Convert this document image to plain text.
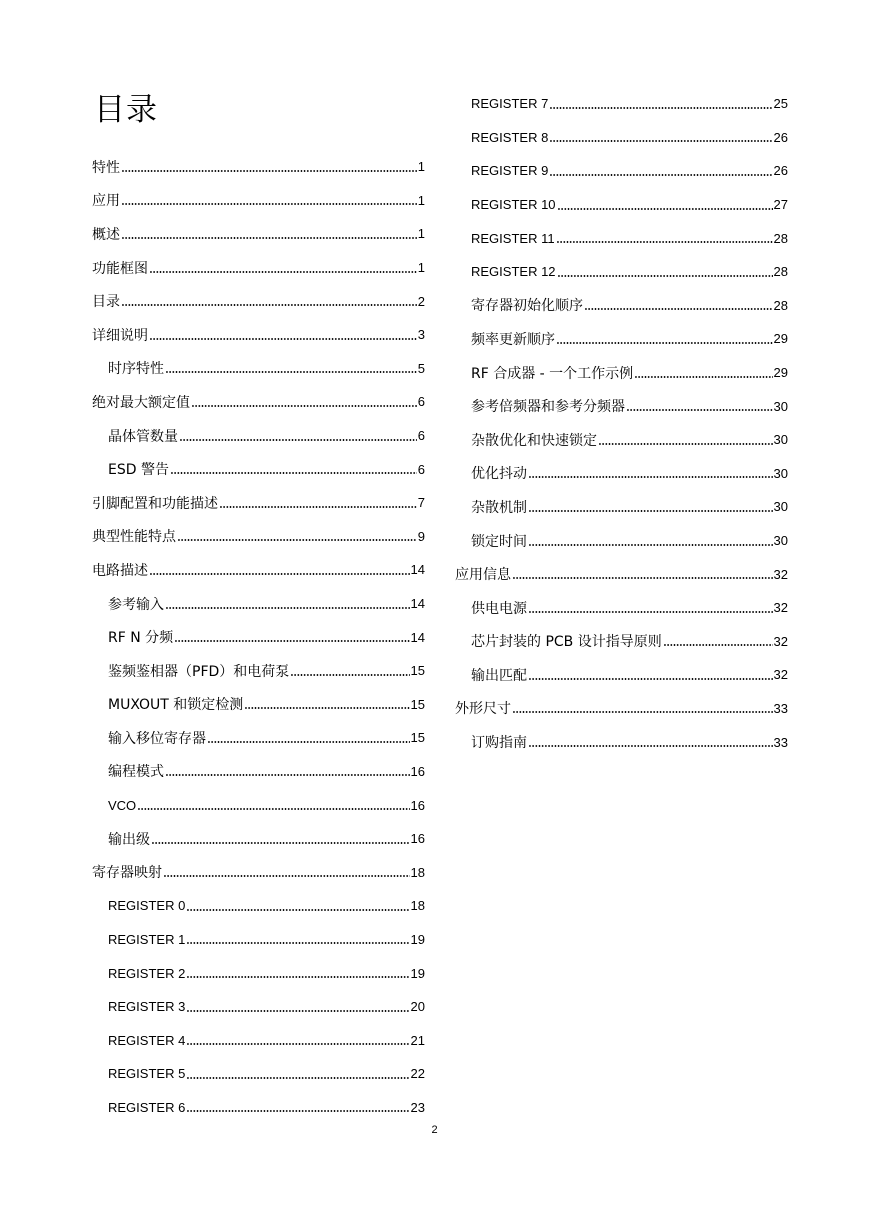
目录
特性	1
应用	1
概述	1
功能框图	1
目录	2
详细说明	3
时序特性	5
绝对最大额定值	6
晶体管数量	6
ESD 警告	6
引脚配置和功能描述	7
典型性能特点	9
电路描述	14
参考输入	14
RF N 分频	14
鉴频鉴相器（PFD）和电荷泵	15
MUXOUT 和锁定检测	15
输入移位寄存器	15
编程模式	16
VCO	16
输出级	16
寄存器映射	18
REGISTER 0	18
REGISTER 1	19
REGISTER 2	19
REGISTER 3	20
REGISTER 4	21
REGISTER 5	22
REGISTER 6	23
REGISTER 7	25
REGISTER 8	26
REGISTER 9	26
REGISTER 10	27
REGISTER 11	28
REGISTER 12	28
寄存器初始化顺序	28
频率更新顺序	29
RF 合成器 - 一个工作示例	29
参考倍频器和参考分频器	30
杂散优化和快速锁定	30
优化抖动	30
杂散机制	30
锁定时间	30
应用信息	32
供电电源	32
芯片封装的 PCB 设计指导原则	32
输出匹配	32
外形尺寸	33
订购指南	33
2
